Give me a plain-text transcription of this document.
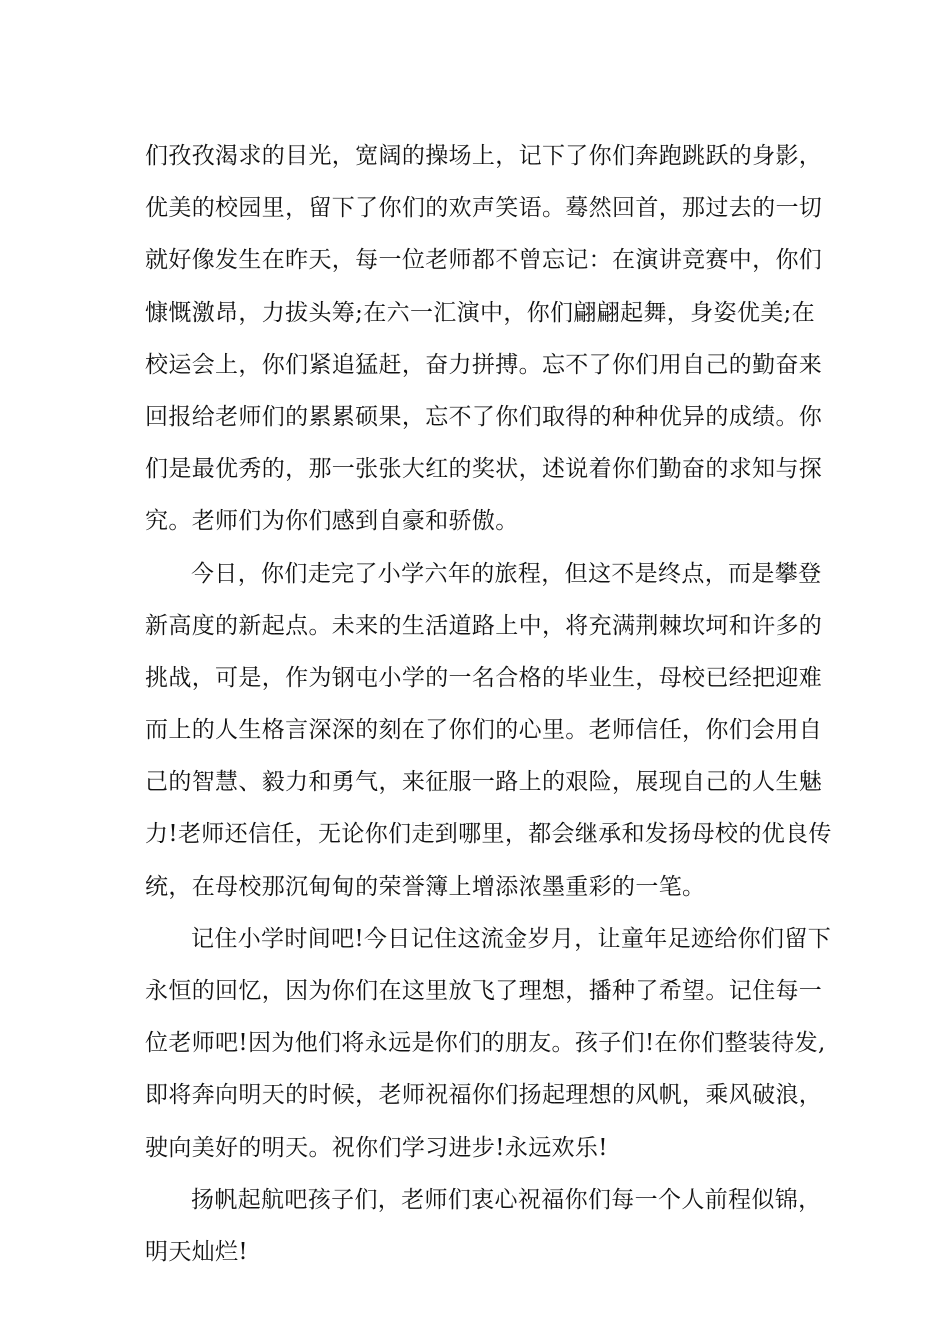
们孜孜渴求的目光，宽阔的操场上，记下了你们奔跑跳跃的身影，
优美的校园里，留下了你们的欢声笑语。蓦然回首，那过去的一切
就好像发生在昨天，每一位老师都不曾忘记：在演讲竞赛中，你们
慷慨激昂，力拔头筹;在六一汇演中，你们翩翩起舞，身姿优美;在
校运会上，你们紧追猛赶，奋力拼搏。忘不了你们用自己的勤奋来
回报给老师们的累累硕果，忘不了你们取得的种种优异的成绩。你
们是最优秀的，那一张张大红的奖状，述说着你们勤奋的求知与探
究。老师们为你们感到自豪和骄傲。
今日，你们走完了小学六年的旅程，但这不是终点，而是攀登
新高度的新起点。未来的生活道路上中，将充满荆棘坎坷和许多的
挑战，可是，作为钢屯小学的一名合格的毕业生，母校已经把迎难
而上的人生格言深深的刻在了你们的心里。老师信任，你们会用自
己的智慧、毅力和勇气，来征服一路上的艰险，展现自己的人生魅
力!老师还信任，无论你们走到哪里，都会继承和发扬母校的优良传
统，在母校那沉甸甸的荣誉簿上增添浓墨重彩的一笔。
记住小学时间吧!今日记住这流金岁月，让童年足迹给你们留下
永恒的回忆，因为你们在这里放飞了理想，播种了希望。记住每一
位老师吧!因为他们将永远是你们的朋友。孩子们!在你们整装待发,
即将奔向明天的时候，老师祝福你们扬起理想的风帆，乘风破浪，
驶向美好的明天。祝你们学习进步!永远欢乐!
扬帆起航吧孩子们，老师们衷心祝福你们每一个人前程似锦，
明天灿烂!
